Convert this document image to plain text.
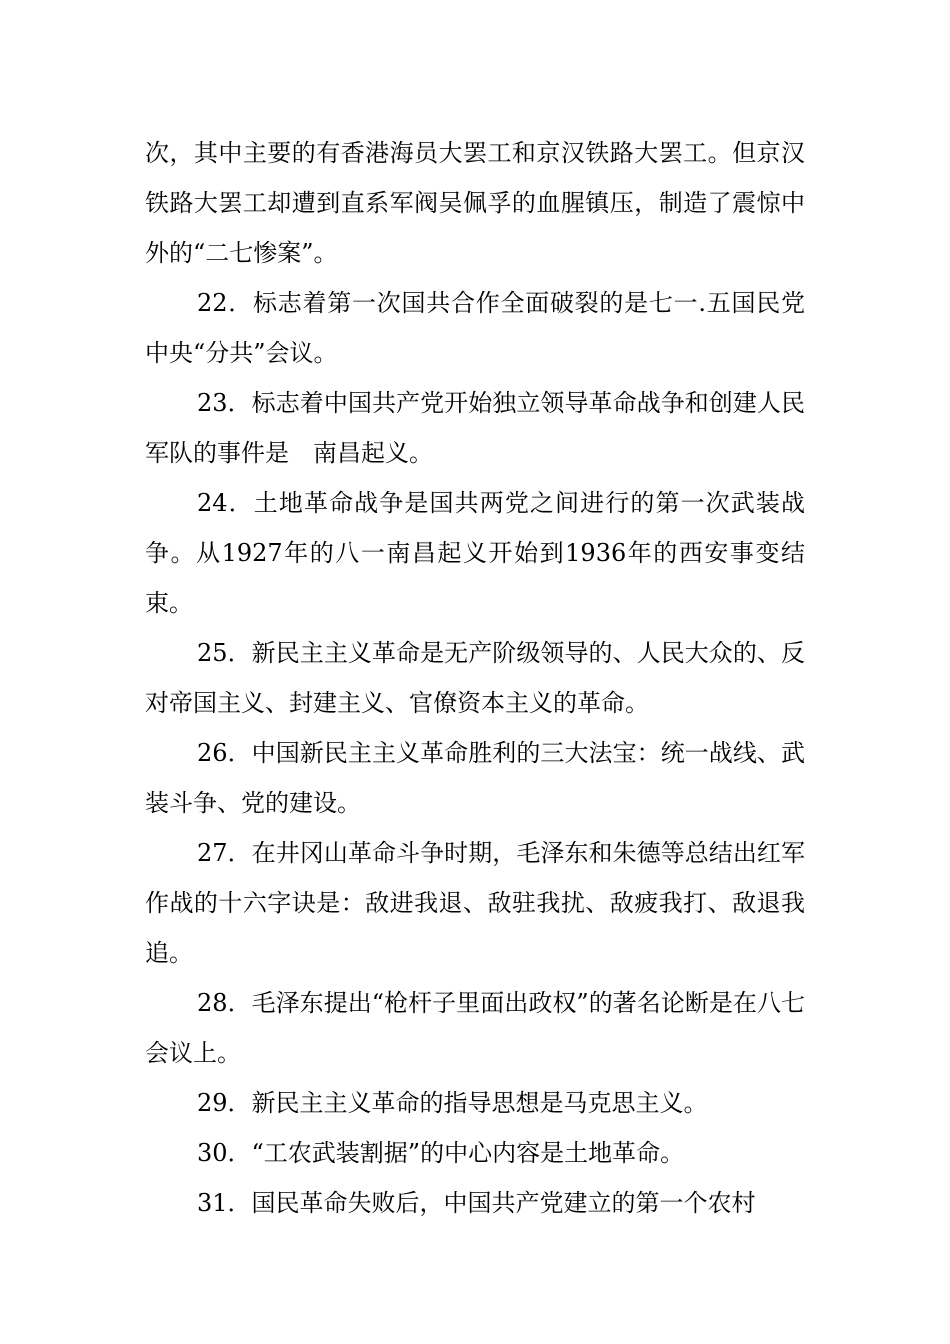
次，其中主要的有香港海员大罢工和京汉铁路大罢工。但京汉铁路大罢工却遭到直系军阀吴佩孚的血腥镇压，制造了震惊中外的“二七惨案”。

22．标志着第一次国共合作全面破裂的是七一.五国民党中央“分共”会议。

23．标志着中国共产党开始独立领导革命战争和创建人民军队的事件是　南昌起义。

24．土地革命战争是国共两党之间进行的第一次武装战争。从1927年的八一南昌起义开始到1936年的西安事变结束。

25．新民主主义革命是无产阶级领导的、人民大众的、反对帝国主义、封建主义、官僚资本主义的革命。

26．中国新民主主义革命胜利的三大法宝：统一战线、武装斗争、党的建设。

27．在井冈山革命斗争时期，毛泽东和朱德等总结出红军作战的十六字诀是：敌进我退、敌驻我扰、敌疲我打、敌退我追。

28．毛泽东提出“枪杆子里面出政权”的著名论断是在八七会议上。

29．新民主主义革命的指导思想是马克思主义。

30．“工农武装割据”的中心内容是土地革命。

31．国民革命失败后，中国共产党建立的第一个农村
